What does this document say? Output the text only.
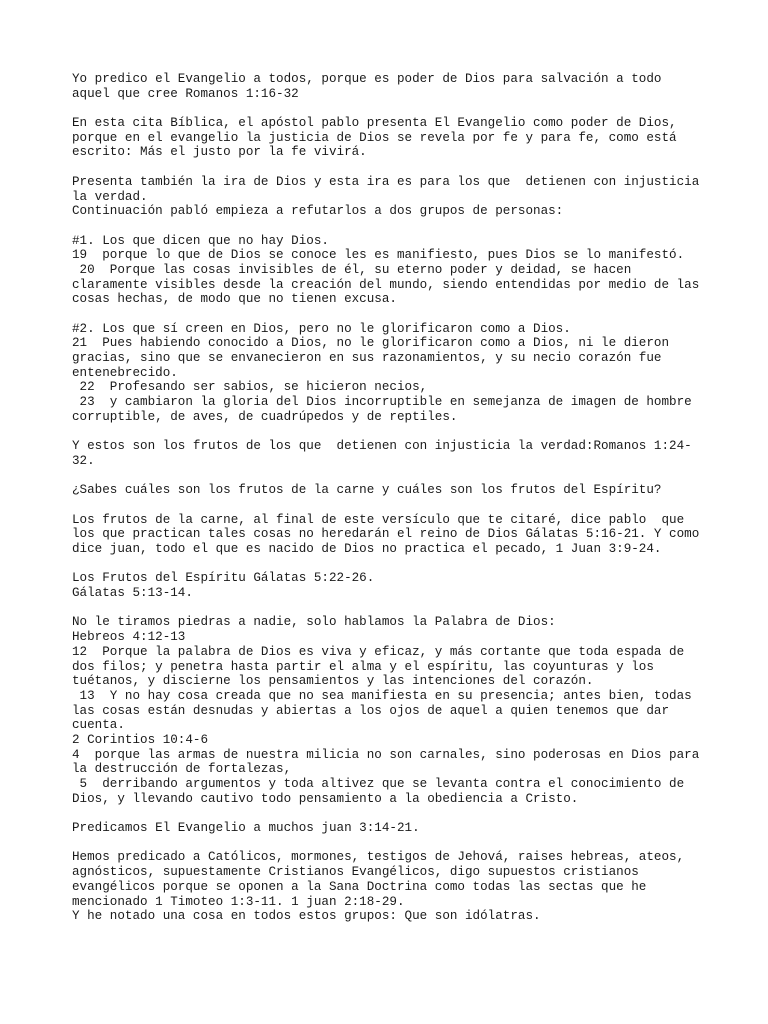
Yo predico el Evangelio a todos, porque es poder de Dios para salvación a todo
aquel que cree Romanos 1:16-32
En esta cita Bíblica, el apóstol pablo presenta El Evangelio como poder de Dios,
porque en el evangelio la justicia de Dios se revela por fe y para fe, como está
escrito: Más el justo por la fe vivirá.
Presenta también la ira de Dios y esta ira es para los que  detienen con injusticia
la verdad.
Continuación pabló empieza a refutarlos a dos grupos de personas:
#1. Los que dicen que no hay Dios.
19  porque lo que de Dios se conoce les es manifiesto, pues Dios se lo manifestó.
20  Porque las cosas invisibles de él, su eterno poder y deidad, se hacen
claramente visibles desde la creación del mundo, siendo entendidas por medio de las
cosas hechas, de modo que no tienen excusa.
#2. Los que sí creen en Dios, pero no le glorificaron como a Dios.
21  Pues habiendo conocido a Dios, no le glorificaron como a Dios, ni le dieron
gracias, sino que se envanecieron en sus razonamientos, y su necio corazón fue
entenebrecido.
22  Profesando ser sabios, se hicieron necios,
23  y cambiaron la gloria del Dios incorruptible en semejanza de imagen de hombre
corruptible, de aves, de cuadrúpedos y de reptiles.
Y estos son los frutos de los que  detienen con injusticia la verdad:Romanos 1:24-
32.
¿Sabes cuáles son los frutos de la carne y cuáles son los frutos del Espíritu?
Los frutos de la carne, al final de este versículo que te citaré, dice pablo  que
los que practican tales cosas no heredarán el reino de Dios Gálatas 5:16-21. Y como
dice juan, todo el que es nacido de Dios no practica el pecado, 1 Juan 3:9-24.
Los Frutos del Espíritu Gálatas 5:22-26.
Gálatas 5:13-14.
No le tiramos piedras a nadie, solo hablamos la Palabra de Dios:
Hebreos 4:12-13
12  Porque la palabra de Dios es viva y eficaz, y más cortante que toda espada de
dos filos; y penetra hasta partir el alma y el espíritu, las coyunturas y los
tuétanos, y discierne los pensamientos y las intenciones del corazón.
13  Y no hay cosa creada que no sea manifiesta en su presencia; antes bien, todas
las cosas están desnudas y abiertas a los ojos de aquel a quien tenemos que dar
cuenta.
2 Corintios 10:4-6
4  porque las armas de nuestra milicia no son carnales, sino poderosas en Dios para
la destrucción de fortalezas,
5  derribando argumentos y toda altivez que se levanta contra el conocimiento de
Dios, y llevando cautivo todo pensamiento a la obediencia a Cristo.
Predicamos El Evangelio a muchos juan 3:14-21.
Hemos predicado a Católicos, mormones, testigos de Jehová, raises hebreas, ateos,
agnósticos, supuestamente Cristianos Evangélicos, digo supuestos cristianos
evangélicos porque se oponen a la Sana Doctrina como todas las sectas que he
mencionado 1 Timoteo 1:3-11. 1 juan 2:18-29.
Y he notado una cosa en todos estos grupos: Que son idólatras.
